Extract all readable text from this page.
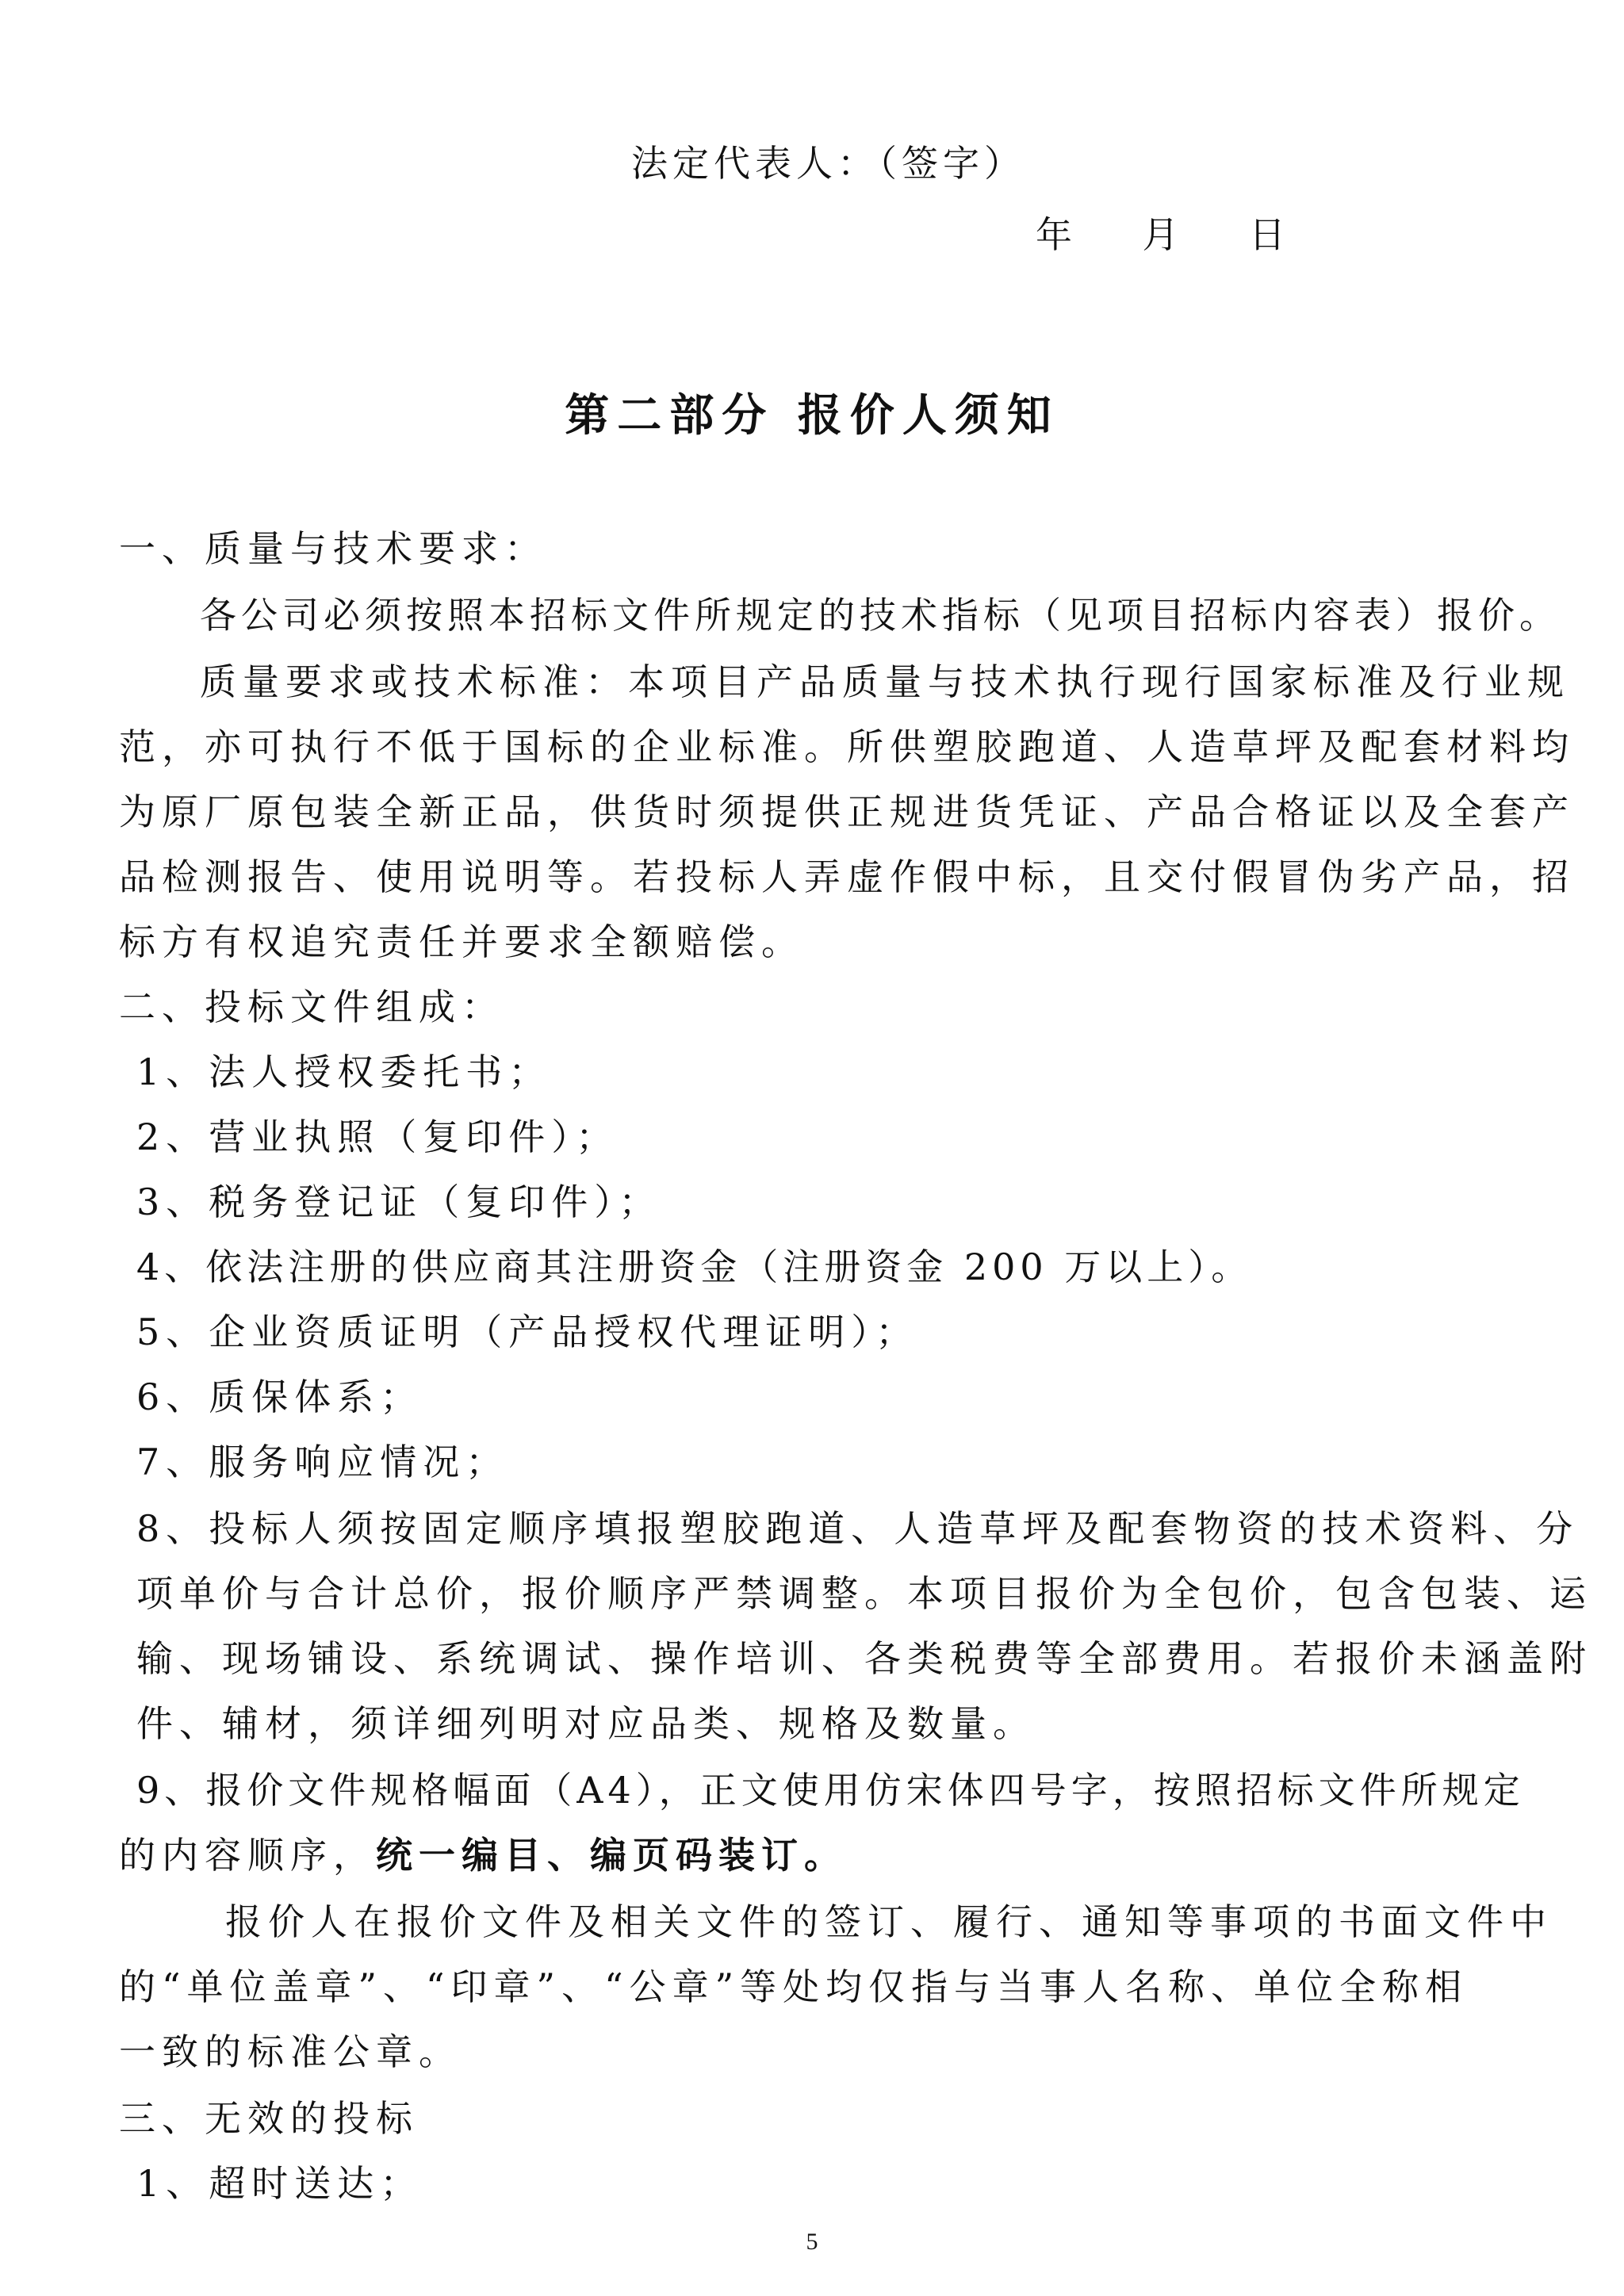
法定代表人：（签字）
年    月    日
第二部分 报价人须知
一、质量与技术要求：
各公司必须按照本招标文件所规定的技术指标（见项目招标内容表）报价。
质量要求或技术标准：本项目产品质量与技术执行现行国家标准及行业规
范，亦可执行不低于国标的企业标准。所供塑胶跑道、人造草坪及配套材料均
为原厂原包装全新正品，供货时须提供正规进货凭证、产品合格证以及全套产
品检测报告、使用说明等。若投标人弄虚作假中标，且交付假冒伪劣产品，招
标方有权追究责任并要求全额赔偿。
二、投标文件组成：
1、法人授权委托书；
2、营业执照（复印件）；
3、税务登记证（复印件）；
4、依法注册的供应商其注册资金（注册资金 200 万以上）。
5、企业资质证明（产品授权代理证明）；
6、质保体系；
7、服务响应情况；
8、投标人须按固定顺序填报塑胶跑道、人造草坪及配套物资的技术资料、分
项单价与合计总价，报价顺序严禁调整。本项目报价为全包价，包含包装、运
输、现场铺设、系统调试、操作培训、各类税费等全部费用。若报价未涵盖附
件、辅材，须详细列明对应品类、规格及数量。
9、报价文件规格幅面（A4），正文使用仿宋体四号字，按照招标文件所规定
的内容顺序，统一编目、编页码装订。
报价人在报价文件及相关文件的签订、履行、通知等事项的书面文件中
的“单位盖章”、“印章”、“公章”等处均仅指与当事人名称、单位全称相
一致的标准公章。
三、无效的投标
1、超时送达；
5
